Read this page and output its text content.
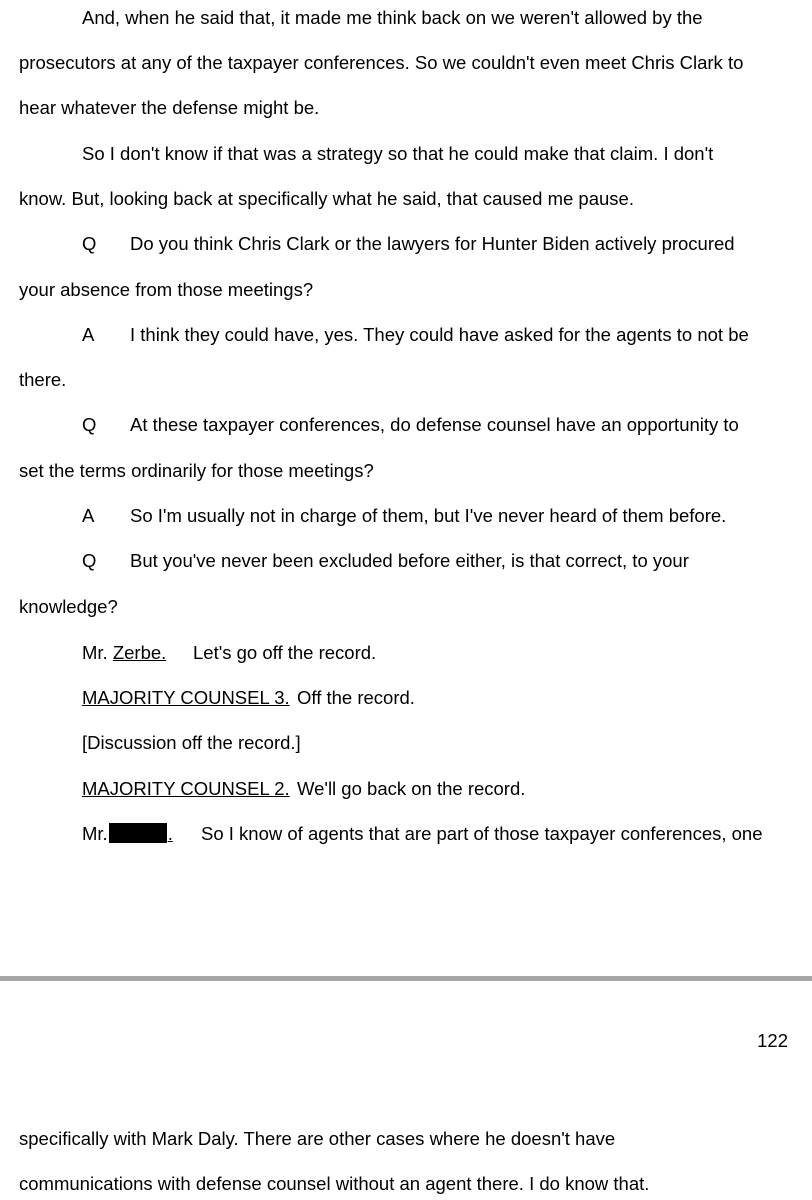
And, when he said that, it made me think back on we weren't allowed by the
prosecutors at any of the taxpayer conferences. So we couldn't even meet Chris Clark to
hear whatever the defense might be.
So I don't know if that was a strategy so that he could make that claim. I don't
know. But, looking back at specifically what he said, that caused me pause.
Q Do you think Chris Clark or the lawyers for Hunter Biden actively procured
your absence from those meetings?
A I think they could have, yes. They could have asked for the agents to not be
there.
Q At these taxpayer conferences, do defense counsel have an opportunity to
set the terms ordinarily for those meetings?
A So I'm usually not in charge of them, but I've never heard of them before.
Q But you've never been excluded before either, is that correct, to your
knowledge?
Mr. Zerbe. Let's go off the record.
MAJORITY COUNSEL 3. Off the record.
[Discussion off the record.]
MAJORITY COUNSEL 2. We'll go back on the record.
Mr.	. So I know of agents that are part of those taxpayer conferences, one
122
specifically with Mark Daly. There are other cases where he doesn't have
communications with defense counsel without an agent there. I do know that.
